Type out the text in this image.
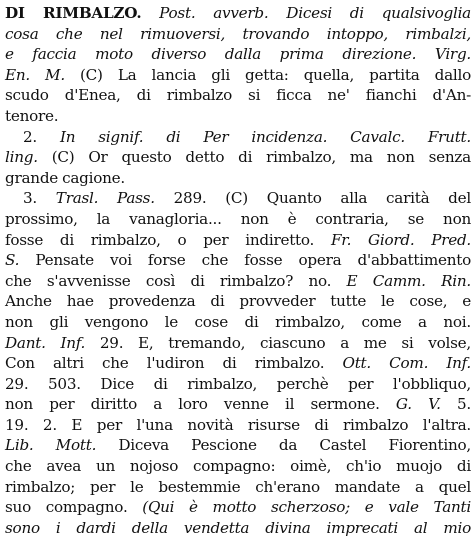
DI RIMBALZO. Post. avverb. Dicesi di qualsivoglia
cosa che nel rimuoversi, trovando intoppo, rimbalzi,
e faccia moto diverso dalla prima direzione. Virg.
En. M. (C) La lancia gli getta: quella, partita dallo
scudo d'Enea, di rimbalzo si ficca ne' fianchi d'An-
tenore.
2. In signif. di Per incidenza. Cavalc. Frutt.
ling. (C) Or questo detto di rimbalzo, ma non senza
grande cagione.
3. Trasl. Pass. 289. (C) Quanto alla carità del
prossimo, la vanagloria... non è contraria, se non
fosse di rimbalzo, o per indiretto. Fr. Giord. Pred.
S. Pensate voi forse che fosse opera d'abbattimento
che s'avvenisse così di rimbalzo? no. E Camm. Rin.
Anche hae provedenza di provveder tutte le cose, e
non gli vengono le cose di rimbalzo, come a noi.
Dant. Inf. 29. E, tremando, ciascuno a me si volse,
Con altri che l'udiron di rimbalzo. Ott. Com. Inf.
29. 503. Dice di rimbalzo, perchè per l'obbliquo,
non per diritto a loro venne il sermone. G. V. 5.
19. 2. E per l'una novità risurse di rimbalzo l'altra.
Lib. Mott. Diceva Pescione da Castel Fiorentino,
che avea un nojoso compagno: oimè, ch'io muojo di
rimbalzo; per le bestemmie ch'erano mandate a quel
suo compagno. (Qui è motto scherzoso; e vale Tanti
sono i dardi della vendetta divina imprecati al mio
